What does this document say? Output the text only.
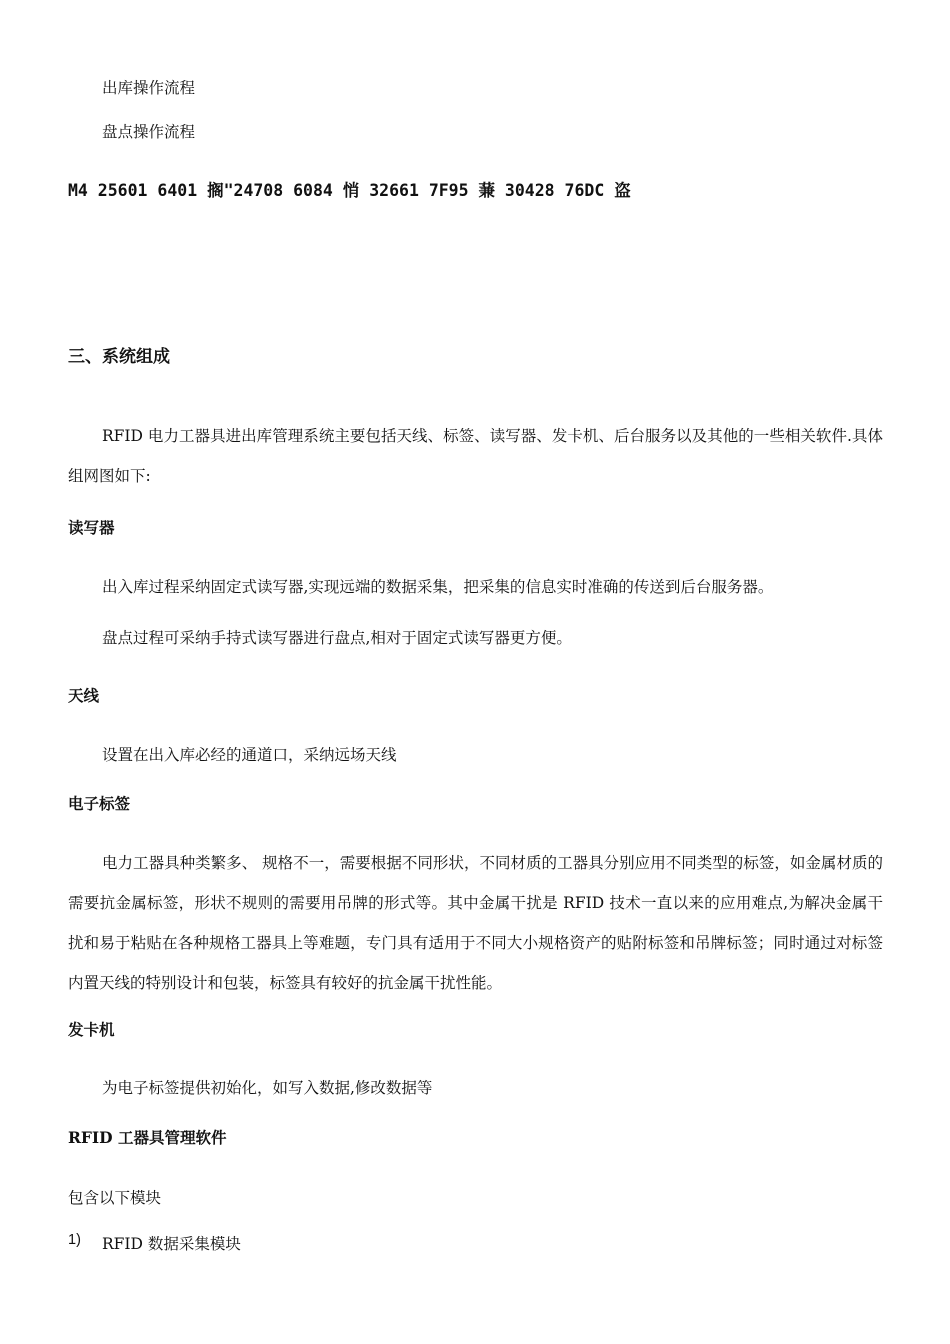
出库操作流程
盘点操作流程
M4 25601 6401 搁"24708 6084 悄 32661 7F95 蒹 30428 76DC 盗
三、系统组成
RFID 电力工器具进出库管理系统主要包括天线、标签、读写器、发卡机、后台服务以及其他的一些相关软件.具体组网图如下:
读写器
出入库过程采纳固定式读写器,实现远端的数据采集，把采集的信息实时准确的传送到后台服务器。
盘点过程可采纳手持式读写器进行盘点,相对于固定式读写器更方便。
天线
设置在出入库必经的通道口，采纳远场天线
电子标签
电力工器具种类繁多、 规格不一，需要根据不同形状，不同材质的工器具分别应用不同类型的标签，如金属材质的需要抗金属标签，形状不规则的需要用吊牌的形式等。其中金属干扰是 RFID 技术一直以来的应用难点,为解决金属干扰和易于粘贴在各种规格工器具上等难题，专门具有适用于不同大小规格资产的贴附标签和吊牌标签；同时通过对标签内置天线的特别设计和包装，标签具有较好的抗金属干扰性能。
发卡机
为电子标签提供初始化，如写入数据,修改数据等
RFID 工器具管理软件
包含以下模块
1) RFID 数据采集模块
